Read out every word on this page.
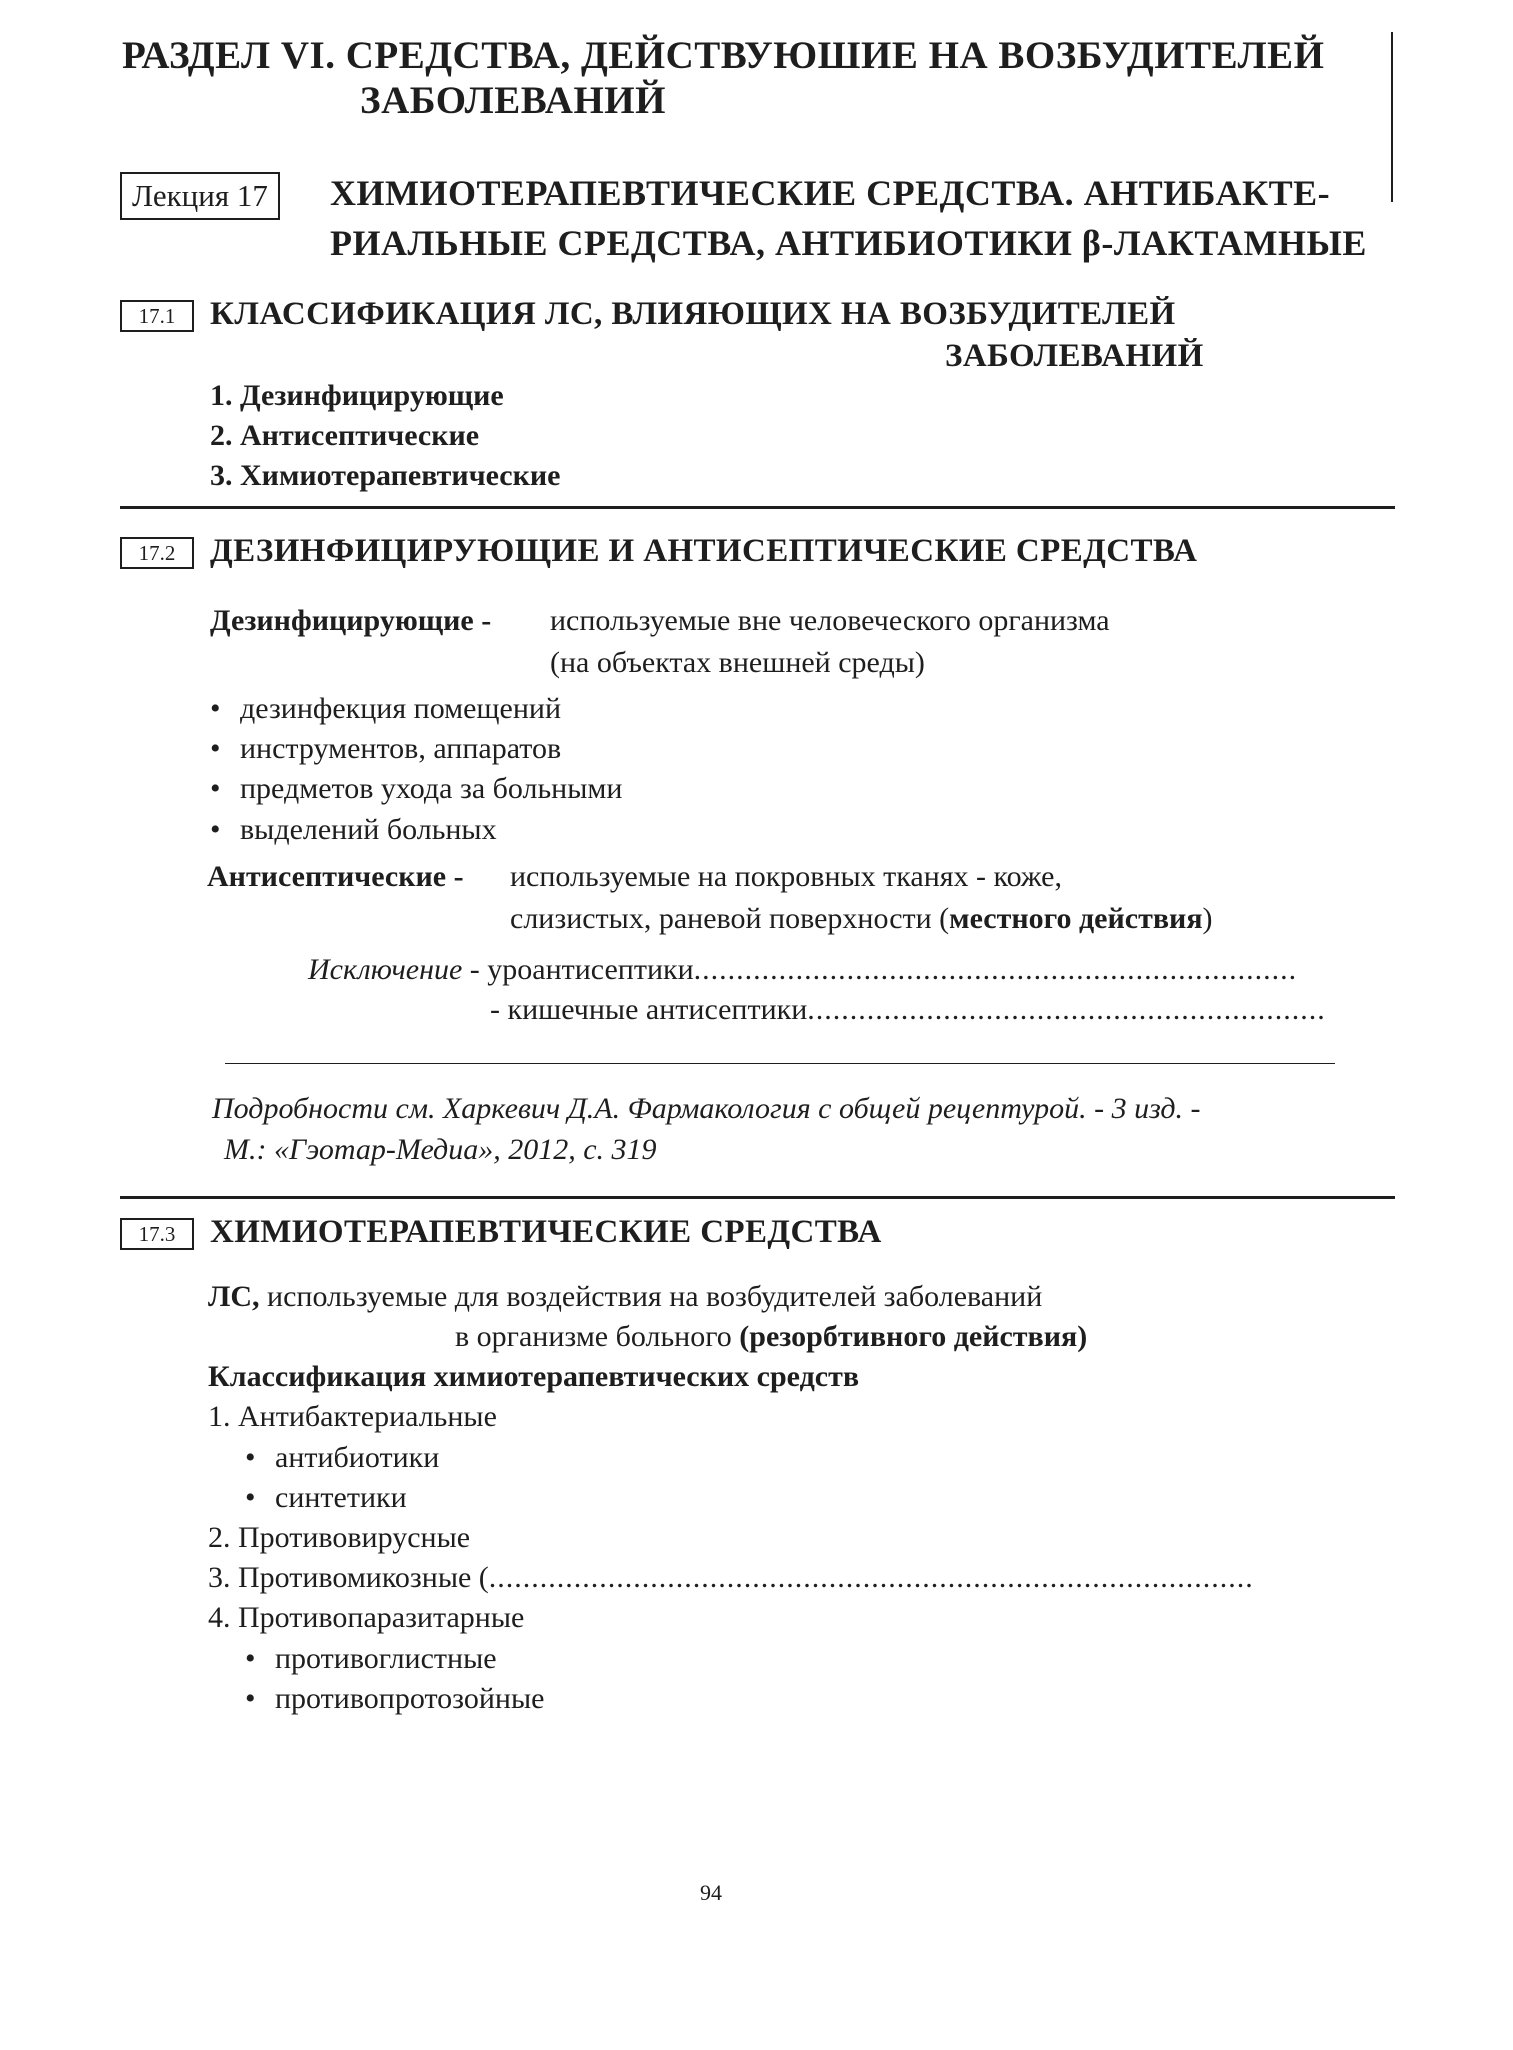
РАЗДЕЛ VI. СРЕДСТВА, ДЕЙСТВУЮШИЕ НА ВОЗБУДИТЕЛЕЙ
ЗАБОЛЕВАНИЙ
Лекция 17	ХИМИОТЕРАПЕВТИЧЕСКИЕ СРЕДСТВА. АНТИБАКТЕ-
РИАЛЬНЫЕ СРЕДСТВА, АНТИБИОТИКИ β-ЛАКТАМНЫЕ
17.1	КЛАССИФИКАЦИЯ ЛС, ВЛИЯЮЩИХ НА ВОЗБУДИТЕЛЕЙ
ЗАБОЛЕВАНИЙ
1. Дезинфицирующие
2. Антисептические
3. Химиотерапевтические
17.2	ДЕЗИНФИЦИРУЮЩИЕ И АНТИСЕПТИЧЕСКИЕ СРЕДСТВА
Дезинфицирующие - используемые вне человеческого организма
(на объектах внешней среды)
• дезинфекция помещений
• инструментов, аппаратов
• предметов ухода за больными
• выделений больных
Антисептические - используемые на покровных тканях - коже,
слизистых, раневой поверхности (местного действия)
Исключение - уроантисептики.......................................................................
- кишечные антисептики.............................................................
Подробности см. Харкевич Д.А. Фармакология с общей рецептурой. - 3 изд. -
М.: «Гэотар-Медиа», 2012, с. 319
17.3	ХИМИОТЕРАПЕВТИЧЕСКИЕ СРЕДСТВА
ЛС, используемые для воздействия на возбудителей заболеваний
в организме больного (резорбтивного действия)
Классификация химиотерапевтических средств
1. Антибактериальные
• антибиотики
• синтетики
2. Противовирусные
3. Противомикозные (..........................................................................................
4. Противопаразитарные
• противоглистные
• противопротозойные
94
